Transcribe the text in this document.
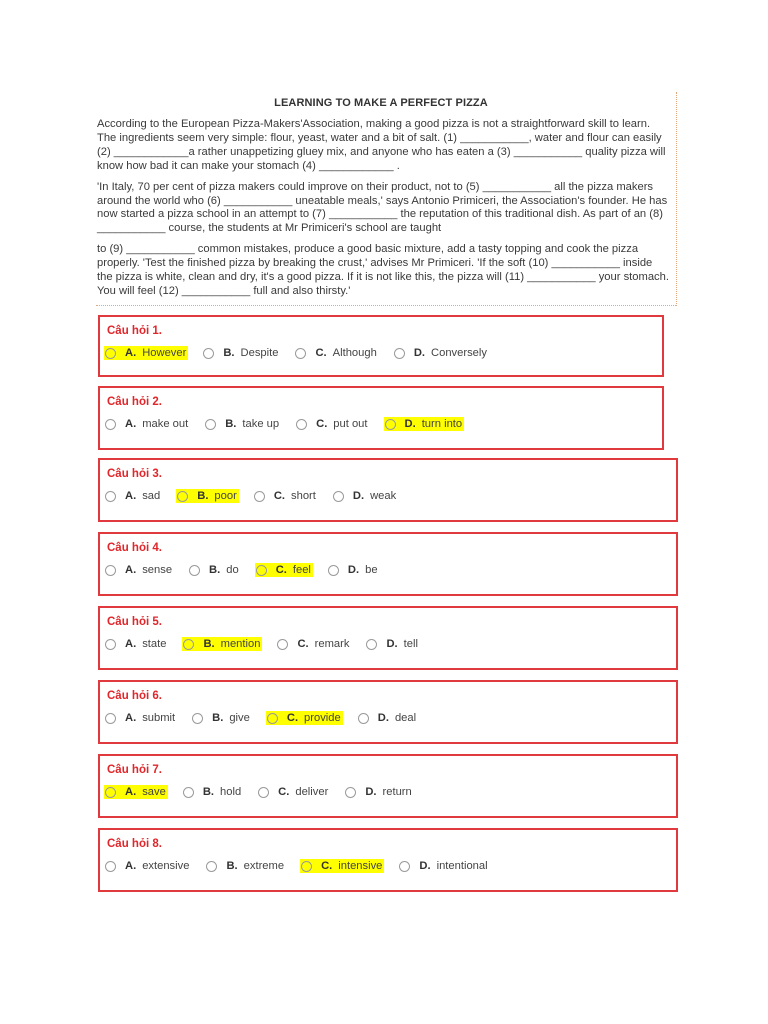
LEARNING TO MAKE A PERFECT PIZZA

According to the European Pizza-Makers'Association, making a good pizza is not a straightforward skill to learn. The ingredients seem very simple: flour, yeast, water and a bit of salt. (1) ___________, water and flour can easily (2) ____________a rather unappetizing gluey mix, and anyone who has eaten a (3) ___________ quality pizza will know how bad it can make your stomach (4) ____________ .

'In Italy, 70 per cent of pizza makers could improve on their product, not to (5) ___________ all the pizza makers around the world who (6) ___________ uneatable meals,' says Antonio Primiceri, the Association's founder. He has now started a pizza school in an attempt to (7) ___________ the reputation of this traditional dish. As part of an (8) ___________ course, the students at Mr Primiceri's school are taught

to (9) ___________ common mistakes, produce a good basic mixture, add a tasty topping and cook the pizza properly. 'Test the finished pizza by breaking the crust,' advises Mr Primiceri. 'If the soft (10) ___________ inside the pizza is white, clean and dry, it's a good pizza. If it is not like this, the pizza will (11) ___________ your stomach. You will feel (12) ___________ full and also thirsty.'

Câu hỏi 1.
A. However	B. Despite	C. Although	D. Conversely
Câu hỏi 2.
A. make out	B. take up	C. put out	D. turn into
Câu hỏi 3.
A. sad	B. poor	C. short	D. weak
Câu hỏi 4.
A. sense	B. do	C. feel	D. be
Câu hỏi 5.
A. state	B. mention	C. remark	D. tell
Câu hỏi 6.
A. submit	B. give	C. provide	D. deal
Câu hỏi 7.
A. save	B. hold	C. deliver	D. return
Câu hỏi 8.
A. extensive	B. extreme	C. intensive	D. intentional
